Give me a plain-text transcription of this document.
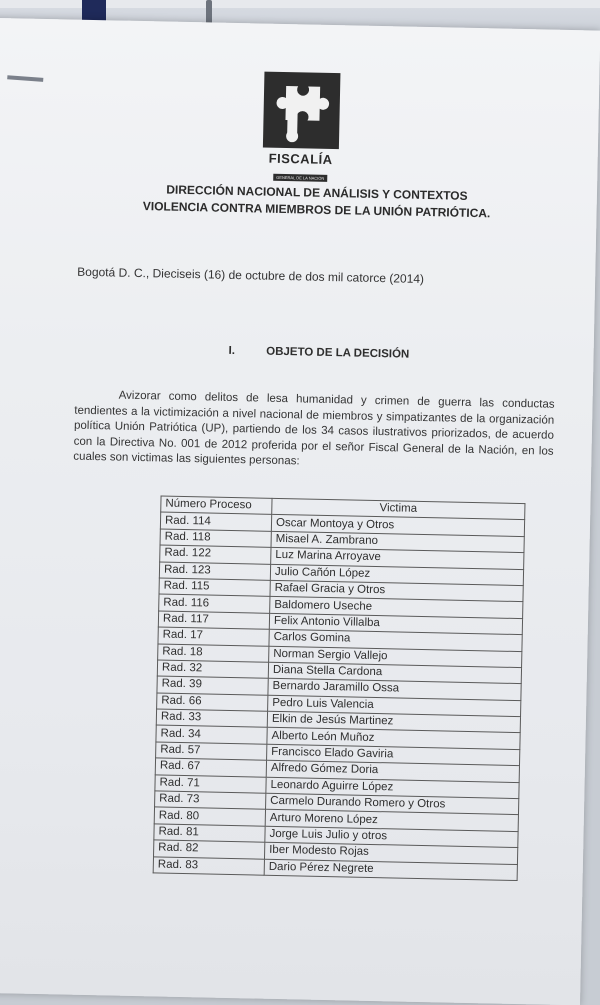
FISCALÍA
GENERAL DE LA NACIÓN
DIRECCIÓN NACIONAL DE ANÁLISIS Y CONTEXTOS
VIOLENCIA CONTRA MIEMBROS DE LA UNIÓN PATRIÓTICA.
Bogotá D. C., Dieciseis (16) de octubre de dos mil catorce (2014)
I.	OBJETO DE LA DECISIÓN
Avizorar como delitos de lesa humanidad y crimen de guerra las conductas tendientes a la victimización a nivel nacional de miembros y simpatizantes de la organización política Unión Patriótica (UP), partiendo de los 34 casos ilustrativos priorizados, de acuerdo con la Directiva No. 001 de 2012 proferida por el señor Fiscal General de la Nación, en los cuales son victimas las siguientes personas:
Número Proceso	Victima
Rad. 114	Oscar Montoya y Otros
Rad. 118	Misael A. Zambrano
Rad. 122	Luz Marina Arroyave
Rad. 123	Julio Cañón López
Rad. 115	Rafael Gracia y Otros
Rad. 116	Baldomero Useche
Rad. 117	Felix Antonio Villalba
Rad. 17	Carlos Gomina
Rad. 18	Norman Sergio Vallejo
Rad. 32	Diana Stella Cardona
Rad. 39	Bernardo Jaramillo Ossa
Rad. 66	Pedro Luis Valencia
Rad. 33	Elkin de Jesús Martinez
Rad. 34	Alberto León Muñoz
Rad. 57	Francisco Elado Gaviria
Rad. 67	Alfredo Gómez Doria
Rad. 71	Leonardo Aguirre López
Rad. 73	Carmelo Durando Romero y Otros
Rad. 80	Arturo Moreno López
Rad. 81	Jorge Luis Julio y otros
Rad. 82	Iber Modesto Rojas
Rad. 83	Dario Pérez Negrete
